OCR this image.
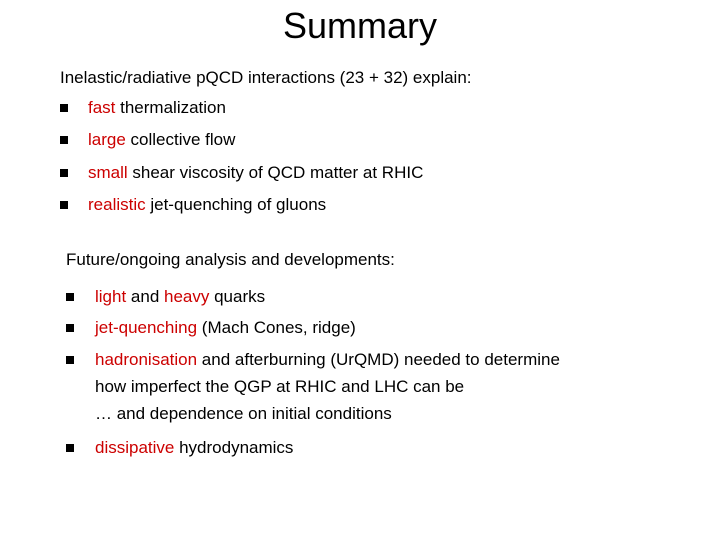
Summary
Inelastic/radiative pQCD interactions (23 + 32) explain:
fast thermalization
large collective flow
small shear viscosity of QCD matter at RHIC
realistic jet-quenching of gluons
Future/ongoing analysis and developments:
light and heavy quarks
jet-quenching (Mach Cones, ridge)
hadronisation and afterburning (UrQMD) needed to determine
how imperfect the QGP at RHIC and LHC can be
… and dependence on initial conditions
dissipative hydrodynamics
